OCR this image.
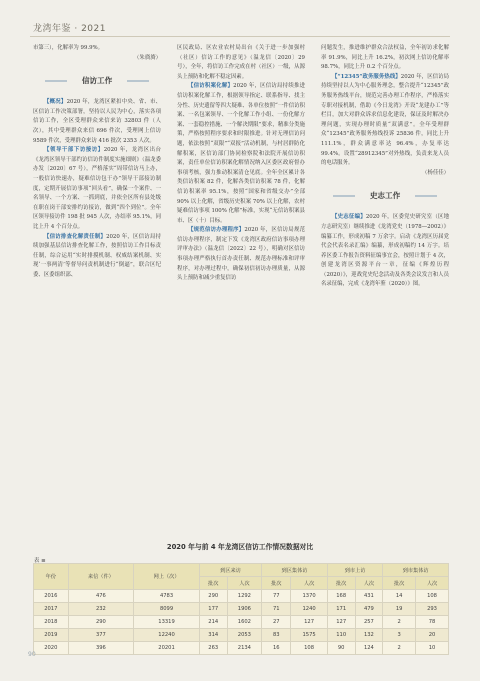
龙湾年鉴 · 2021

市第三），化解率为 99.9%。

（朱旖旖）

信访工作

【概况】2020 年，龙湾区紧扣中央、省、市、区信访工作决策部署，坚持以人民为中心，落实各项信访工作，全区受理群众来信来访 32803 件（人次），其中受理群众来信 696 件次，受理网上信访 9589 件次，受理群众来访 416 批次 2353 人次。

【领导干部下访接访】2020 年，龙湾区出台《龙湾区领导干部约访信访件制度实施细则》（温龙委办发〔2020〕67 号），严格落实“周带信访马上办，一般信访快速办，疑难信访包干办”领导干部接访制度，定期开展信访事项“回头看”，确保一个案件、一名领导、一个方案、一抓到底，并依全区所有县处级在职在岗干部安排约访接访，做到“四个到位”。全年区领导接访件 198 批 945 人次，办结率 95.1%，同比上升 4 个百分点。

【信访排查化解责任制】2020 年，区信访局持续加强基层信访排查化解工作，按照信访工作目标责任制，综合运用“实时排摸机制、权威结案机制、实现‘一事两清’等督导问责机制进行“倒逼”，联合区纪委、区委组织部、

区民政局、区农业农村局出台《关于进一步加强村（社区）信访工作的意见》（温龙信〔2020〕29 号），全年，将信访工作完成在村（社区）一级，从源头上预防和化解不稳定因素。

【信访积案化解】2020 年，区信访局持续推进信访积案化解工作，根据领导指定、联系指导、找主分性、历史遗留等四大疑难、各单位按照“一件信访积案、一名包案领导、一个化解工作小组、一份化解方案、一套稳控措施、一个解决期限”要求，精准分类施策，严格按照程序要求和时限推进。针对无理信访问题，依法按照“双限”“双报”活动机制，与村居群防化解积案，区信访部门协同检察院和法院开展信访积案，责任单位信访积案化解情况纳入区委区政府督办事项考核，强力推动积案清仓见底。全年全区累计各类信访积案 82 件，化解各类信访积案 78 件，化解信访积案率 95.1%，按照“国家和省级交办”全部 90% 以上化解，省级历史积案 70% 以上化解，农村疑难信访事项 100% 化解”标准，实现“无信访积案县市、区（十）目标。

【规范信访办理程序】2020 年，区信访局规范信访办理程序，制定下发《龙湾区政府信访事项办理评审办法》（温龙信〔2022〕22 号），明确对区信访事项办理严格执行首办责任制、规范办理标准和评审程序，对办理过程中，确保初信初访办理质量，从源头上预防和减少重复信访

问题发生，推进维护群众合法权益，全年初访求化解率 91.9%，同比上升 16.2%，初次网上信访化解率 98.7%，同比上升 0.2 个百分点。

【“12345”政务服务热线】2020 年，区信访局持续坚持以人为中心服务理念，整合提升“12345”政务服务热线平台，规范完善办理工作程序，严格落实专职对接机制，借助《今日龙湾》开设“龙建办工”等栏目，加大对群众诉求信息化建设，保证及时解决办理问题，实现办理时质量“双满意”。全年受理群众“12345”政务服务热线投诉 25836 件，同比上升 111.1%，群众满意率达 96.4%，办复率达 99.4%。设置“28912345”对外热线，负责来龙人员的电话服务。

（杨佳佳）

史志工作

【史志征编】2020 年，区委党史研究室（区地方志研究室）继续推进《龙湾党史（1978—2002）》编纂工作，形成初稿 7 万余字。启动《龙湾区历届党代会代表名录汇编》编纂，形成初稿约 14 万字。培养区委工作报告资料征编事宜会，按照计划于 4 次，创建龙湾区资源平台一章，征编《辉煌历程（2020）》，迎战党史纪念活动及各类会议发言和人员名录征编，完成《龙湾年鉴（2020）》图。

2020 年与前 4 年龙湾区信访工作情况数据对比
表 ≡
年份	来信（件）	网上（次）	到区来访		到区集体访		到市上访		到市集体访	
			批次	人次	批次	人次	批次	人次	批次	人次
2016	476	4783	290	1292	77	1370	168	431	14	108
2017	232	8099	177	1906	71	1240	171	479	19	293
2018	290	13319	214	1602	27	127	127	257	2	78
2019	377	12240	314	2053	83	1575	110	132	3	20
2020	396	20201	263	2134	16	108	90	124	2	10
90
